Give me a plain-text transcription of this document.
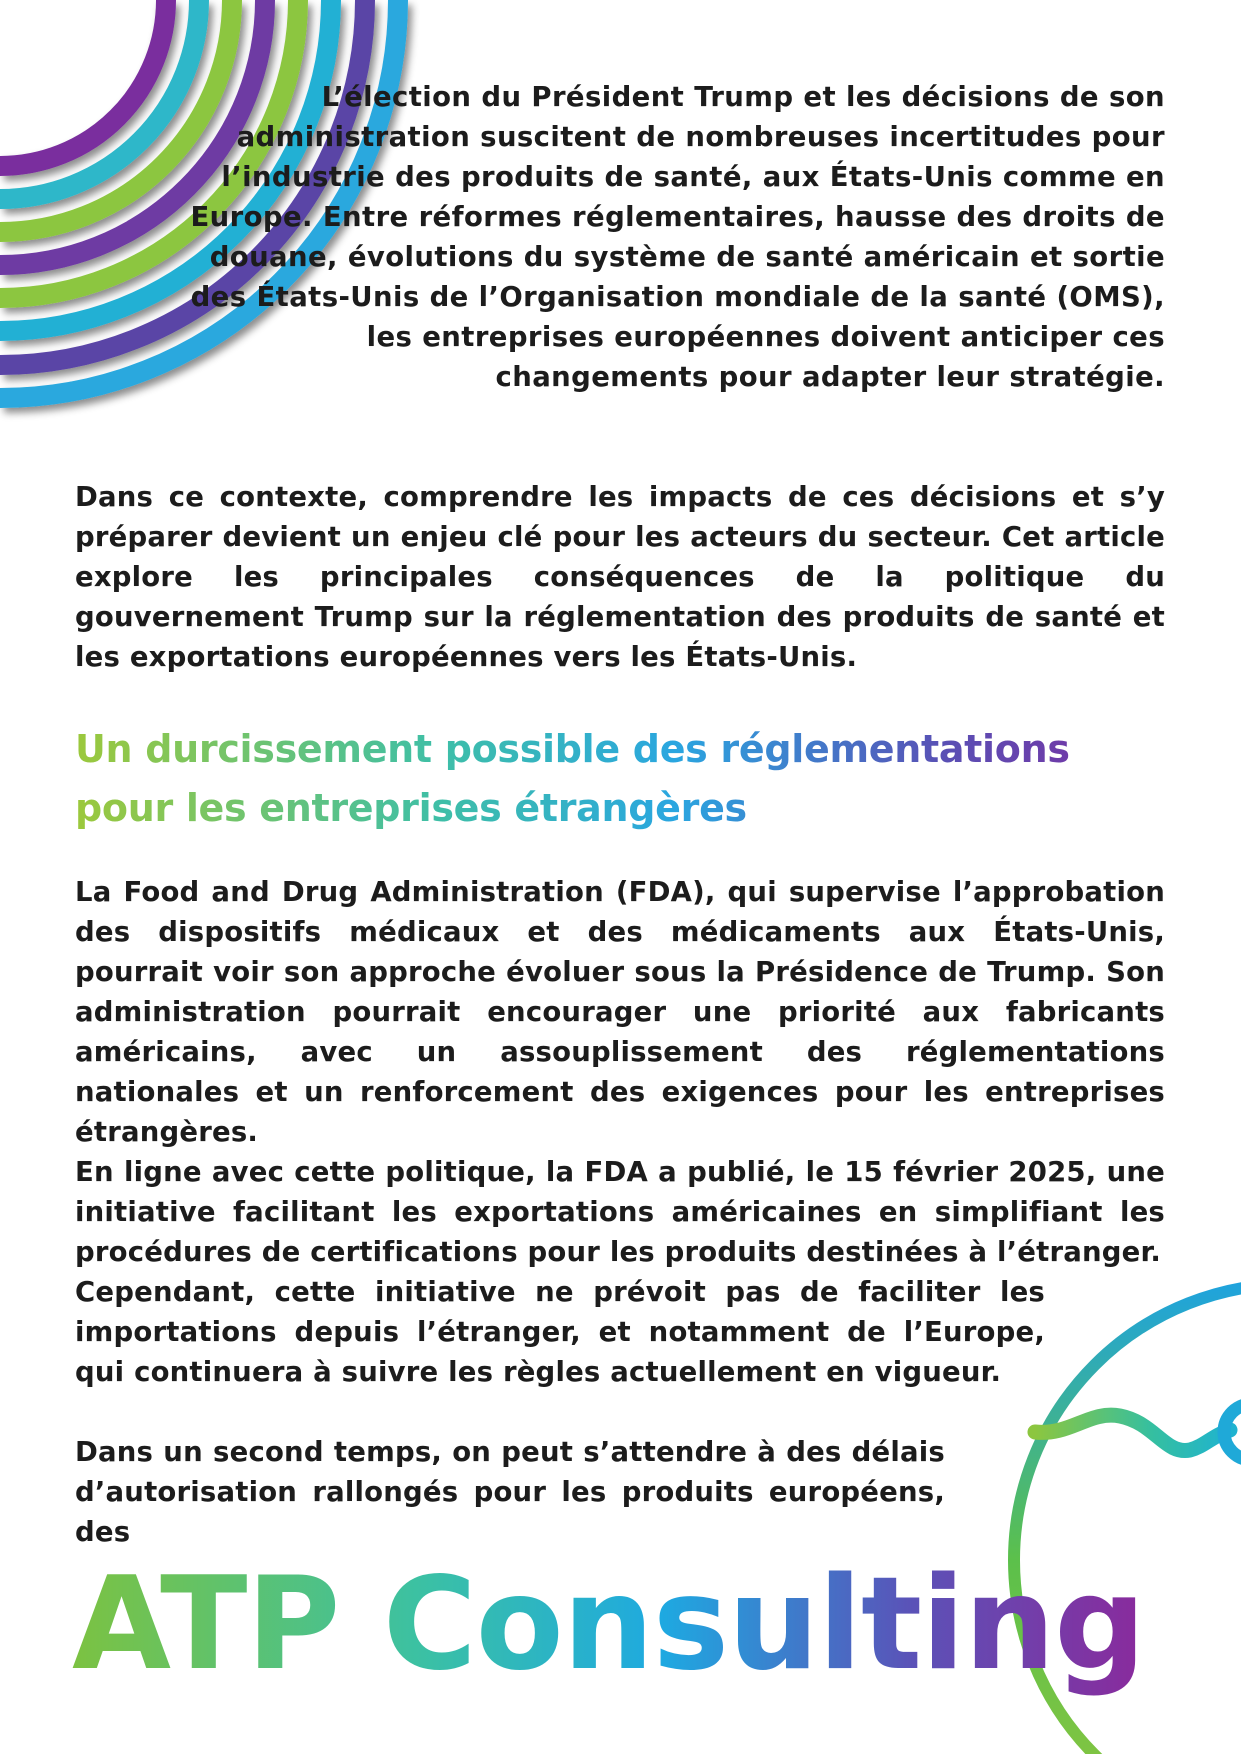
L’élection du Président Trump et les décisions de son administration suscitent de nombreuses incertitudes pour l’industrie des produits de santé, aux États-Unis comme en Europe. Entre réformes réglementaires, hausse des droits de douane, évolutions du système de santé américain et sortie des États-Unis de l’Organisation mondiale de la santé (OMS), les entreprises européennes doivent anticiper ces changements pour adapter leur stratégie.
Dans ce contexte, comprendre les impacts de ces décisions et s’y préparer devient un enjeu clé pour les acteurs du secteur. Cet article explore les principales conséquences de la politique du gouvernement Trump sur la réglementation des produits de santé et les exportations européennes vers les États-Unis.
Un durcissement possible des réglementations pour les entreprises étrangères
La Food and Drug Administration (FDA), qui supervise l’approbation des dispositifs médicaux et des médicaments aux États-Unis, pourrait voir son approche évoluer sous la Présidence de Trump. Son administration pourrait encourager une priorité aux fabricants américains, avec un assouplissement des réglementations nationales et un renforcement des exigences pour les entreprises étrangères.
En ligne avec cette politique, la FDA a publié, le 15 février 2025, une initiative facilitant les exportations américaines en simplifiant les procédures de certifications pour les produits destinées à l’étranger.
Cependant, cette initiative ne prévoit pas de faciliter les importations depuis l’étranger, et notamment de l’Europe, qui continuera à suivre les règles actuellement en vigueur.
Dans un second temps, on peut s’attendre à des délais d’autorisation rallongés pour les produits européens, des
ATP Consulting
